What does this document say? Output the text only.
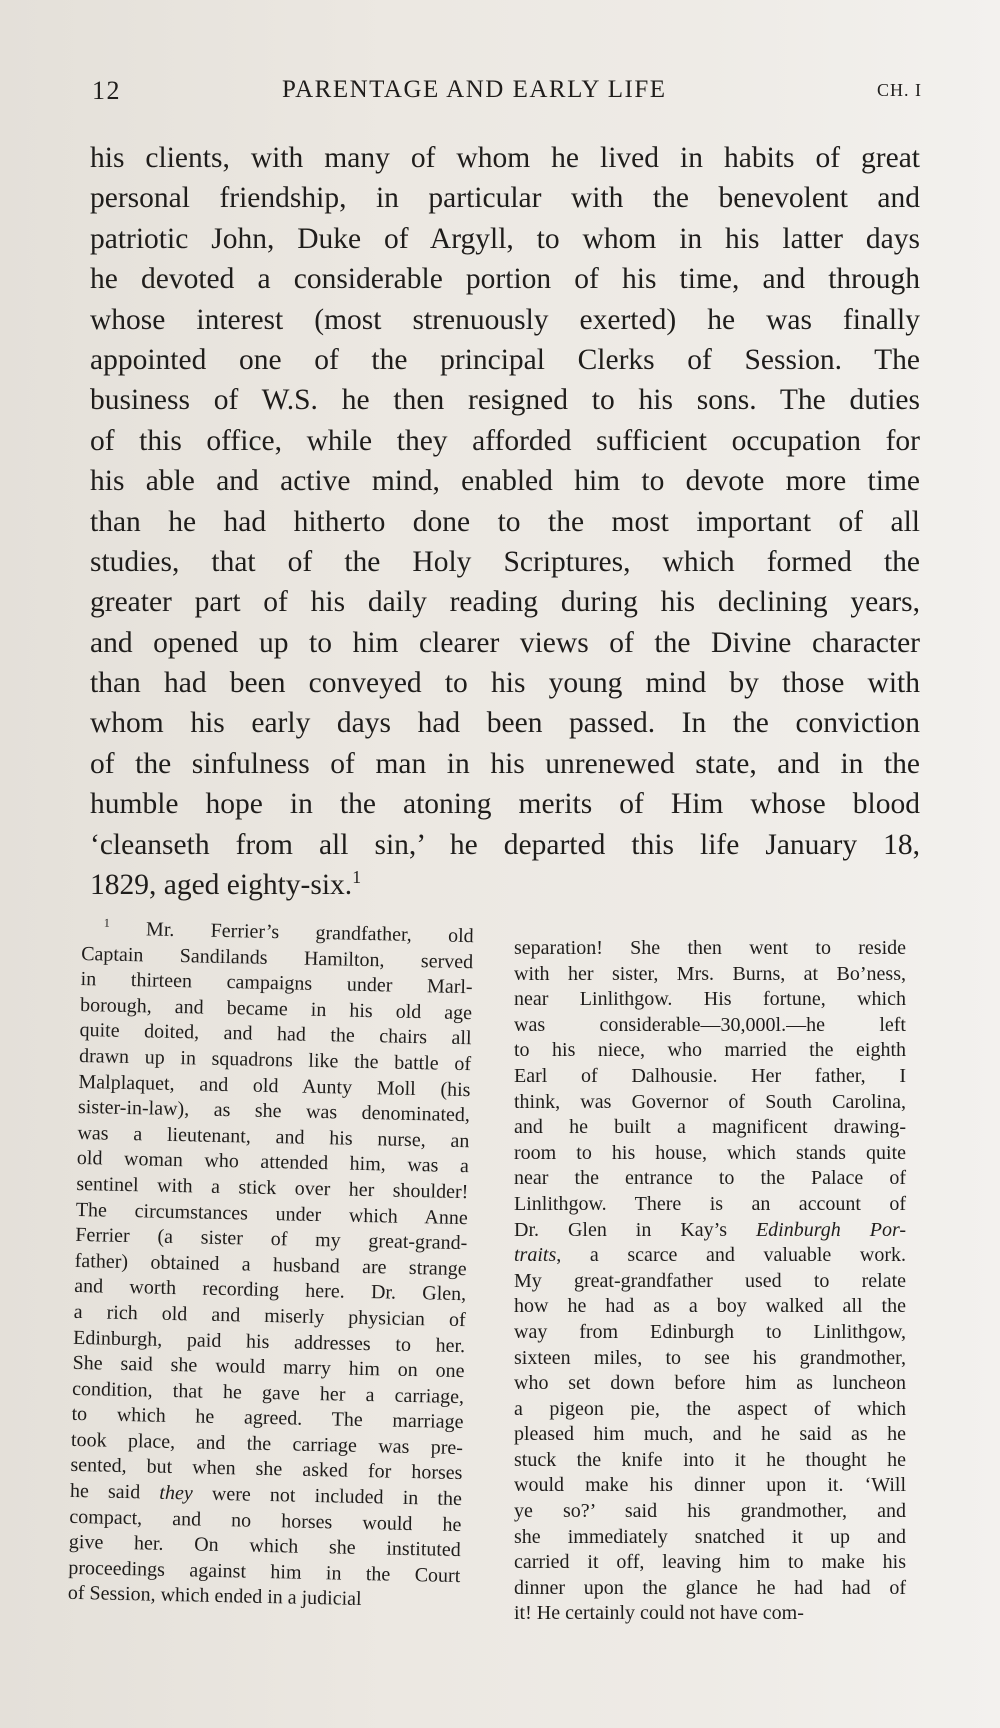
12	PARENTAGE AND EARLY LIFE	CH. I
his clients, with many of whom he lived in habits of great
personal friendship, in particular with the benevolent and
patriotic John, Duke of Argyll, to whom in his latter days
he devoted a considerable portion of his time, and through
whose interest (most strenuously exerted) he was finally
appointed one of the principal Clerks of Session. The
business of W.S. he then resigned to his sons. The duties
of this office, while they afforded sufficient occupation for
his able and active mind, enabled him to devote more time
than he had hitherto done to the most important of all
studies, that of the Holy Scriptures, which formed the
greater part of his daily reading during his declining years,
and opened up to him clearer views of the Divine character
than had been conveyed to his young mind by those with
whom his early days had been passed. In the conviction
of the sinfulness of man in his unrenewed state, and in the
humble hope in the atoning merits of Him whose blood
‘cleanseth from all sin,’ he departed this life January 18,
1829, aged eighty-six.$^1$
$^1$ Mr. Ferrier’s grandfather, old
Captain Sandilands Hamilton, served
in thirteen campaigns under Marl-
borough, and became in his old age
quite doited, and had the chairs all
drawn up in squadrons like the battle of
Malplaquet, and old Aunty Moll (his
sister-in-law), as she was denominated,
was a lieutenant, and his nurse, an
old woman who attended him, was a
sentinel with a stick over her shoulder!
The circumstances under which Anne
Ferrier (a sister of my great-grand-
father) obtained a husband are strange
and worth recording here. Dr. Glen,
a rich old and miserly physician of
Edinburgh, paid his addresses to her.
She said she would marry him on one
condition, that he gave her a carriage,
to which he agreed. The marriage
took place, and the carriage was pre-
sented, but when she asked for horses
he said they were not included in the
compact, and no horses would he
give her. On which she instituted
proceedings against him in the Court
of Session, which ended in a judicial
separation! She then went to reside
with her sister, Mrs. Burns, at Bo’ness,
near Linlithgow. His fortune, which
was considerable—30,000l.—he left
to his niece, who married the eighth
Earl of Dalhousie. Her father, I
think, was Governor of South Carolina,
and he built a magnificent drawing-
room to his house, which stands quite
near the entrance to the Palace of
Linlithgow. There is an account of
Dr. Glen in Kay’s Edinburgh Por-
traits, a scarce and valuable work.
My great-grandfather used to relate
how he had as a boy walked all the
way from Edinburgh to Linlithgow,
sixteen miles, to see his grandmother,
who set down before him as luncheon
a pigeon pie, the aspect of which
pleased him much, and he said as he
stuck the knife into it he thought he
would make his dinner upon it. ‘Will
ye so?’ said his grandmother, and
she immediately snatched it up and
carried it off, leaving him to make his
dinner upon the glance he had had of
it! He certainly could not have com-
